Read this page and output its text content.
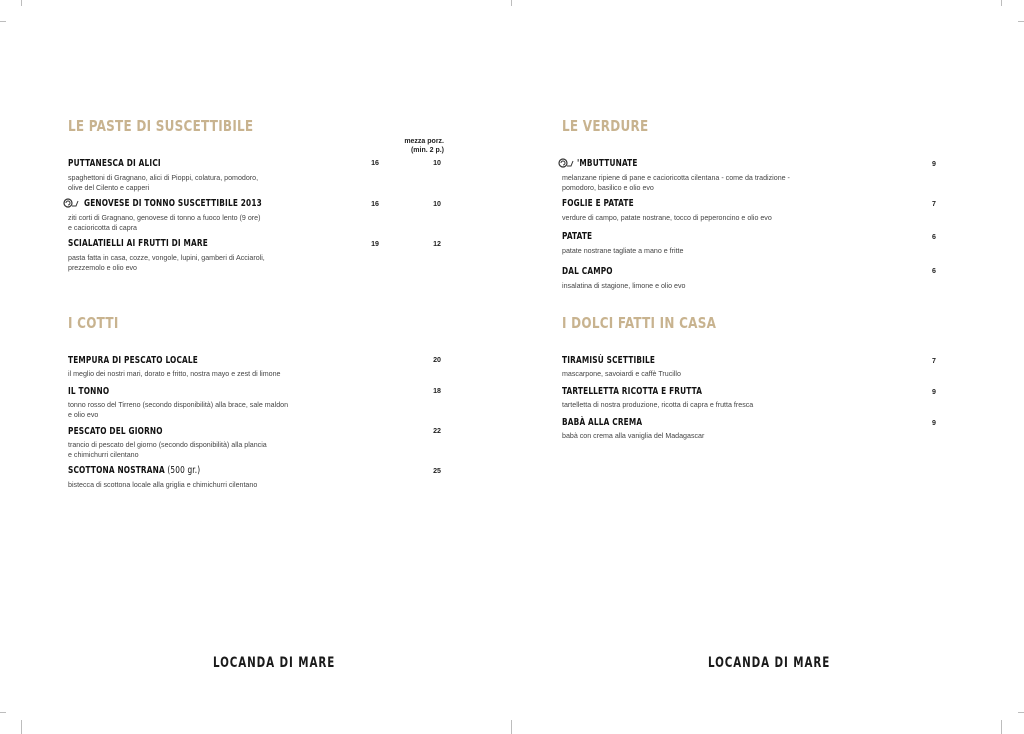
LE PASTE DI SUSCETTIBILE
mezza porz.
(min. 2 p.)
PUTTANESCA DI ALICI	16	10
spaghettoni di Gragnano, alici di Pioppi, colatura, pomodoro,
olive del Cilento e capperi
GENOVESE DI TONNO SUSCETTIBILE 2013	16	10
ziti corti di Gragnano, genovese di tonno a fuoco lento (9 ore)
e cacioricotta di capra
SCIALATIELLI AI FRUTTI DI MARE	19	12
pasta fatta in casa, cozze, vongole, lupini, gamberi di Acciaroli,
prezzemolo e olio evo
I COTTI
TEMPURA DI PESCATO LOCALE	20
il meglio dei nostri mari, dorato e fritto, nostra mayo e zest di limone
IL TONNO	18
tonno rosso del Tirreno (secondo disponibilità) alla brace, sale maldon
e olio evo
PESCATO DEL GIORNO	22
trancio di pescato del giorno (secondo disponibilità) alla plancia
e chimichurri cilentano
SCOTTONA NOSTRANA (500 gr.)	25
bistecca di scottona locale alla griglia e chimichurri cilentano
LOCANDA DI MARE
LE VERDURE
'MBUTTUNATE	9
melanzane ripiene di pane e cacioricotta cilentana - come da tradizione -
pomodoro, basilico e olio evo
FOGLIE E PATATE	7
verdure di campo, patate nostrane, tocco di peperoncino e olio evo
PATATE	6
patate nostrane tagliate a mano e fritte
DAL CAMPO	6
insalatina di stagione, limone e olio evo
I DOLCI FATTI IN CASA
TIRAMISÙ SCETTIBILE	7
mascarpone, savoiardi e caffè Trucillo
TARTELLETTA RICOTTA E FRUTTA	9
tartelletta di nostra produzione, ricotta di capra e frutta fresca
BABÀ ALLA CREMA	9
babà con crema alla vaniglia del Madagascar
LOCANDA DI MARE
